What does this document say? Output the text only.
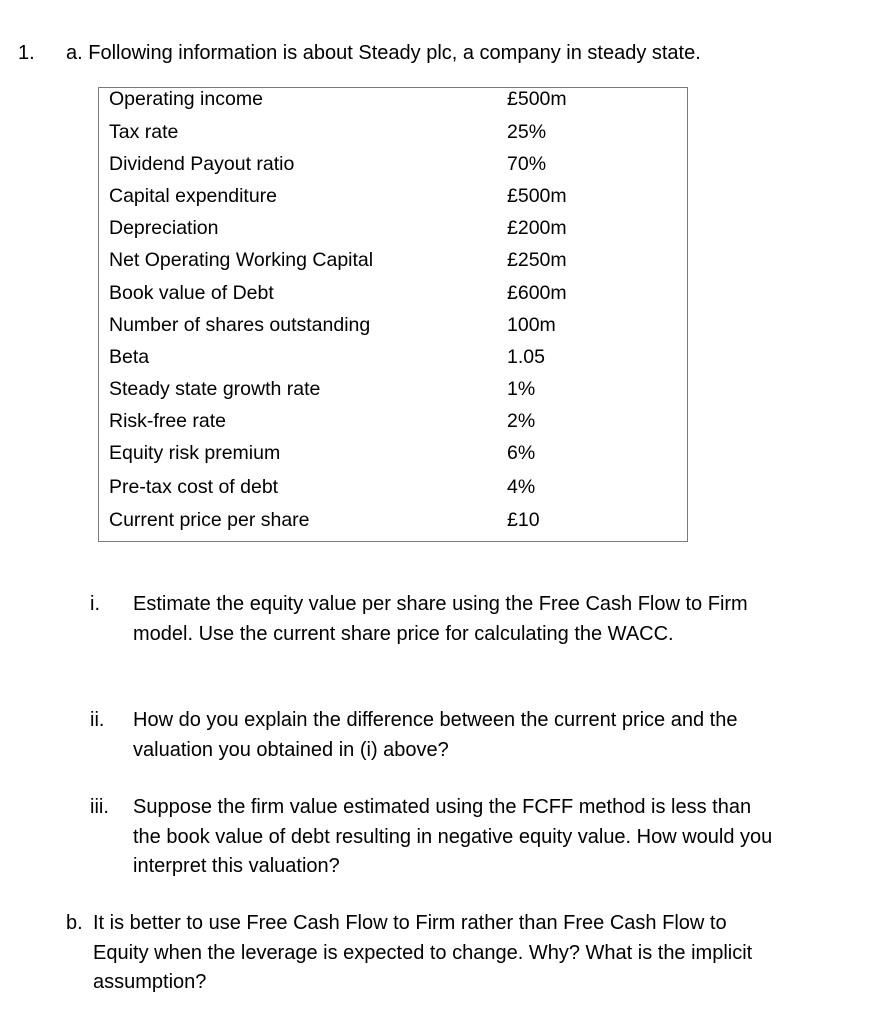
1. a. Following information is about Steady plc, a company in steady state.
Operating income	£500m
Tax rate	25%
Dividend Payout ratio	70%
Capital expenditure	£500m
Depreciation	£200m
Net Operating Working Capital	£250m
Book value of Debt	£600m
Number of shares outstanding	100m
Beta	1.05
Steady state growth rate	1%
Risk-free rate	2%
Equity risk premium	6%
Pre-tax cost of debt	4%
Current price per share	£10
i. Estimate the equity value per share using the Free Cash Flow to Firm
model. Use the current share price for calculating the WACC.
ii. How do you explain the difference between the current price and the
valuation you obtained in (i) above?
iii. Suppose the firm value estimated using the FCFF method is less than
the book value of debt resulting in negative equity value. How would you
interpret this valuation?
b. It is better to use Free Cash Flow to Firm rather than Free Cash Flow to
Equity when the leverage is expected to change. Why? What is the implicit
assumption?
